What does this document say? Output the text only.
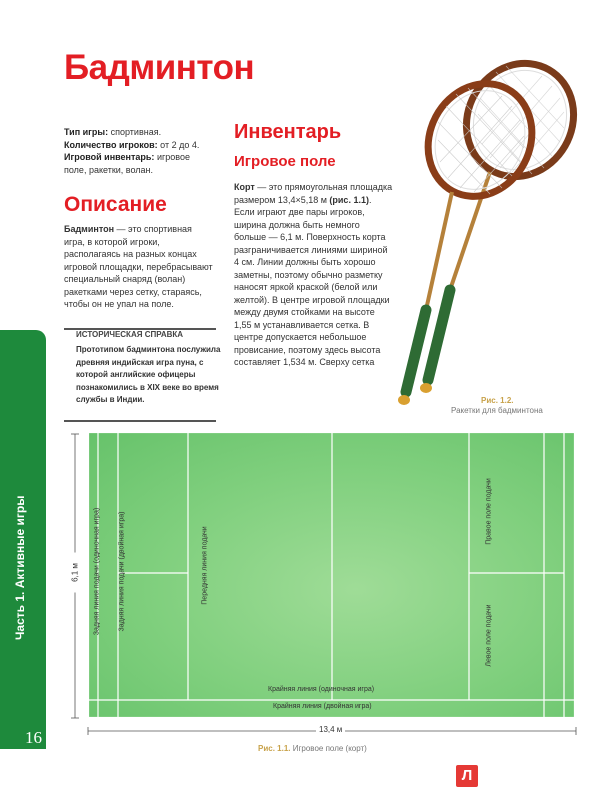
Бадминтон
Тип игры: спортивная.
Количество игроков: от 2 до 4.
Игровой инвентарь: игровое поле, ракетки, волан.
Описание
Бадминтон — это спортивная игра, в которой игроки, располагаясь на разных концах игровой площадки, перебрасывают специальный снаряд (волан) ракетками через сетку, стараясь, чтобы он не упал на поле.
ИСТОРИЧЕСКАЯ СПРАВКА
Прототипом бадминтона послужила древняя индийская игра пуна, с которой английские офицеры познакомились в XIX веке во время службы в Индии.
Инвентарь
Игровое поле
Корт — это прямоугольная площадка размером 13,4×5,18 м (рис. 1.1). Если играют две пары игроков, ширина должна быть немного больше — 6,1 м. Поверхность корта разграничивается линиями шириной 4 см. Линии должны быть хорошо заметны, поэтому обычно разметку наносят яркой краской (белой или желтой). В центре игровой площадки между двумя стойками на высоте 1,55 м устанавливается сетка. В центре допускается небольшое провисание, поэтому здесь высота составляет 1,534 м. Сверху сетка
Рис. 1.2.
Ракетки для бадминтона
Часть 1. Активные игры
16
Задняя линия подачи (одиночная игра)	Задняя линия подачи (двойная игра)	Передняя линия подачи
Правое поле подачи
Левое поле подачи
Крайняя линия (одиночная игра)
Крайняя линия (двойная игра)
6,1 м
13,4 м
Рис. 1.1. Игровое поле (корт)
Л
